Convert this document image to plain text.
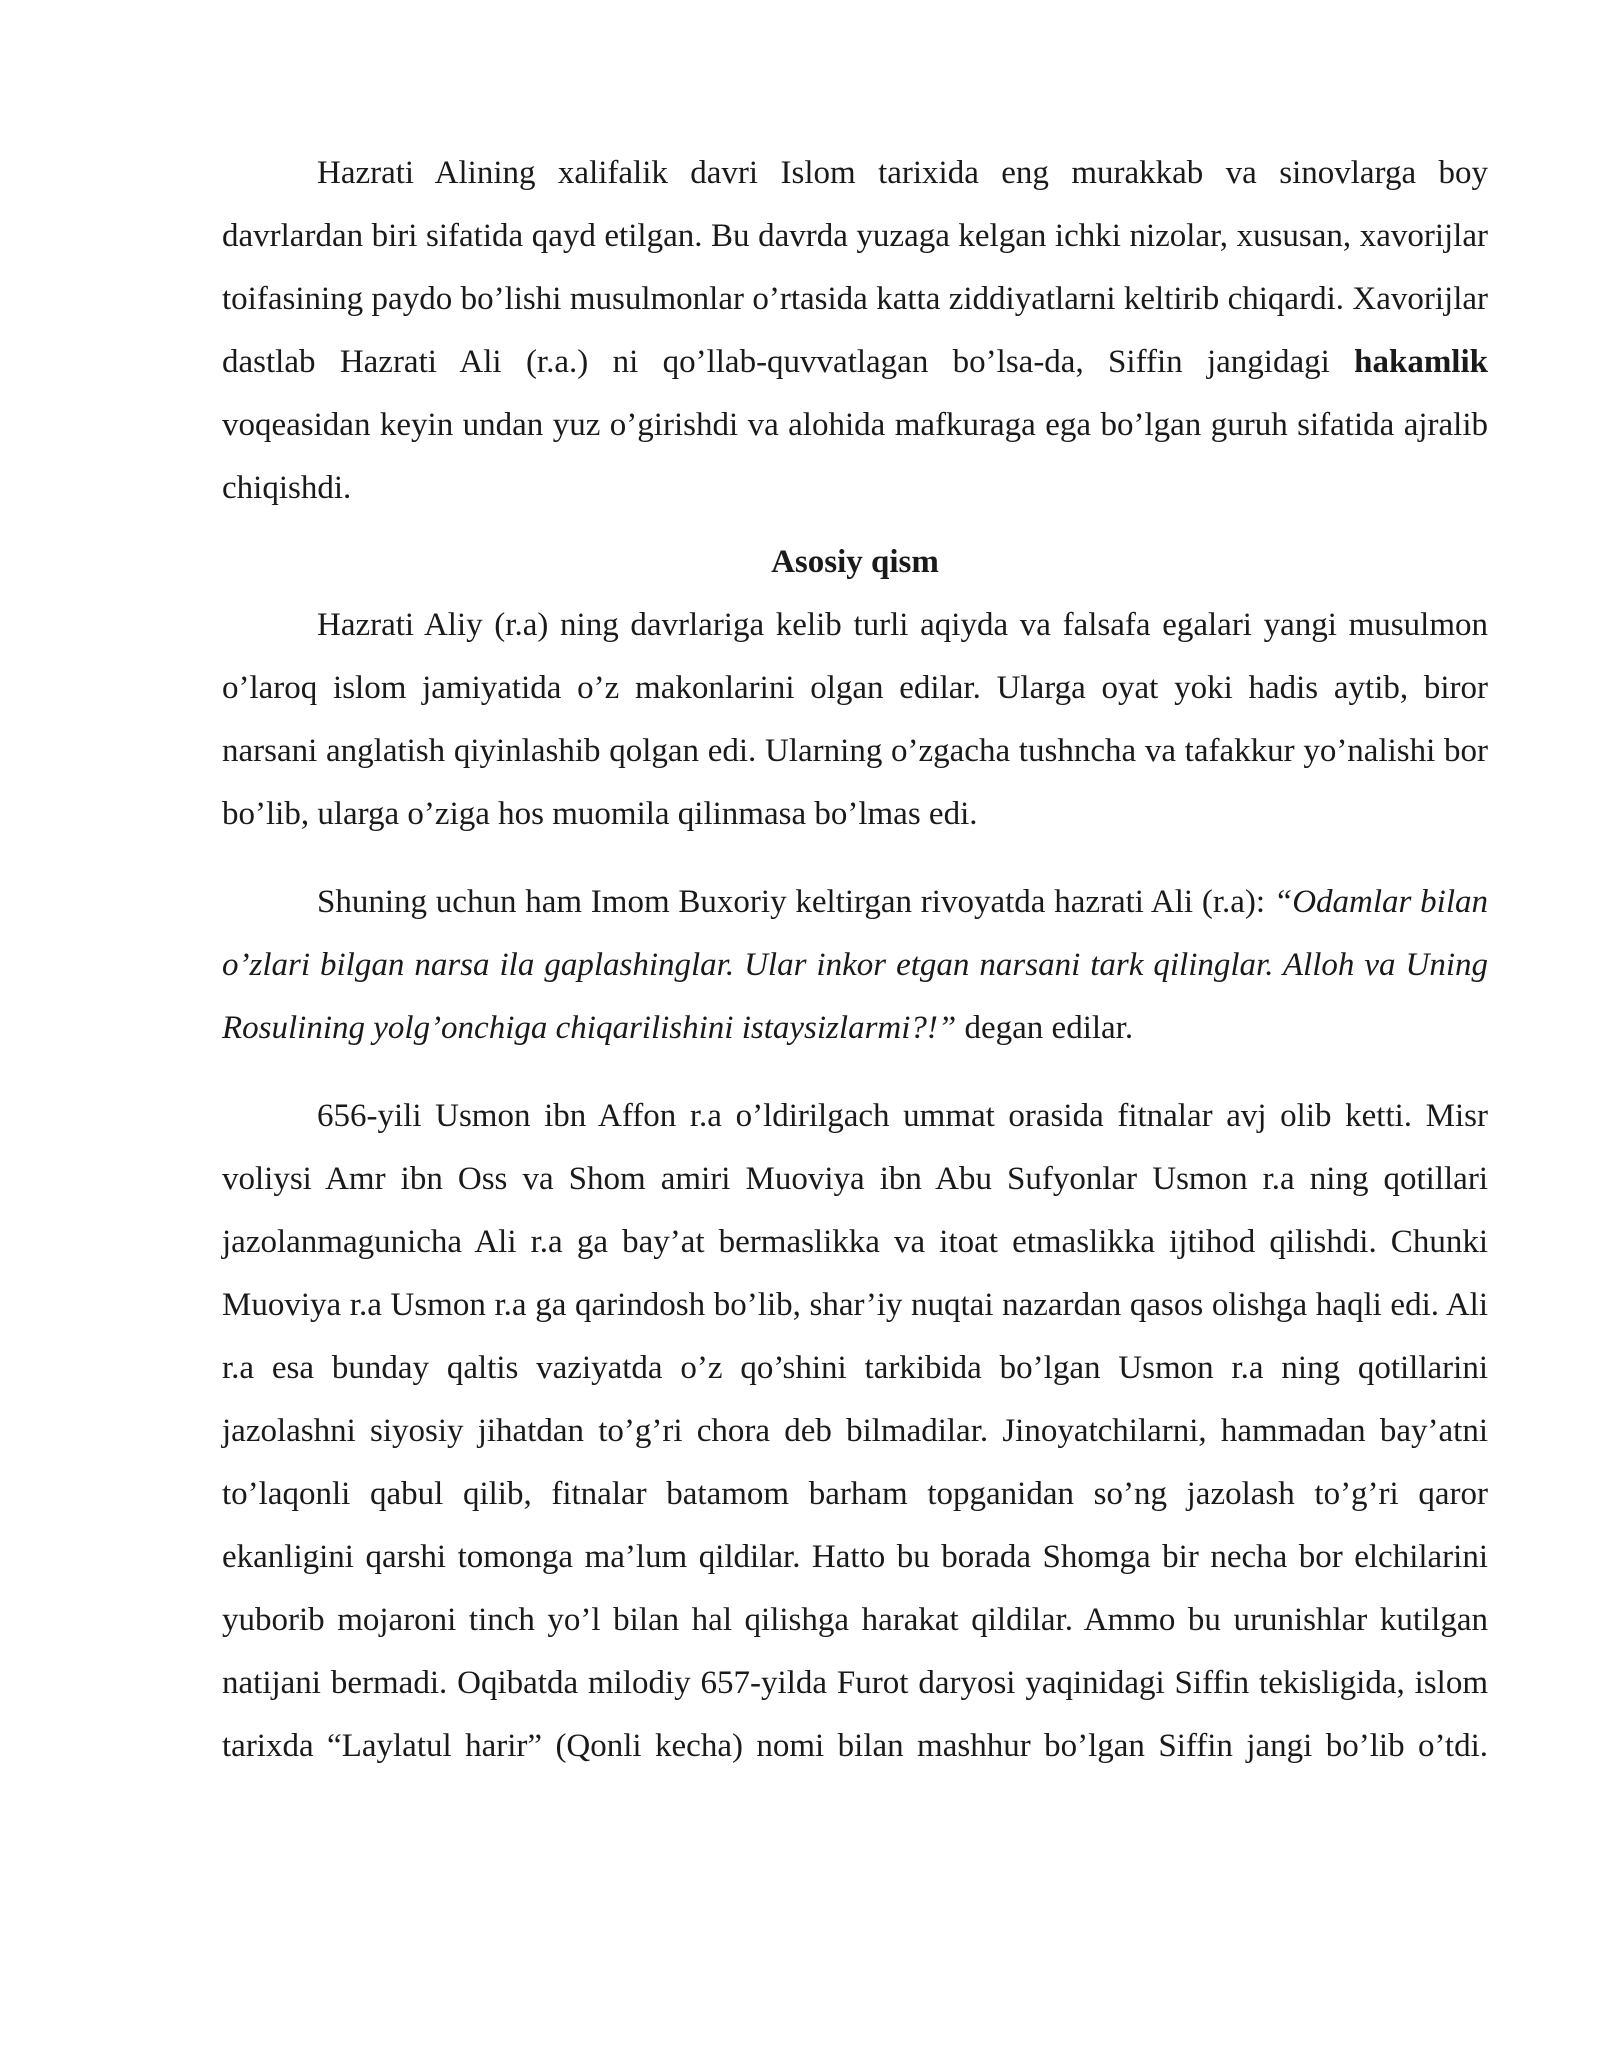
Hazrati Alining xalifalik davri Islom tarixida eng murakkab va sinovlarga boy davrlardan biri sifatida qayd etilgan. Bu davrda yuzaga kelgan ichki nizolar, xususan, xavorijlar toifasining paydo bo’lishi musulmonlar o’rtasida katta ziddiyatlarni keltirib chiqardi. Xavorijlar dastlab Hazrati Ali (r.a.) ni qo’llab-quvvatlagan bo’lsa-da, Siffin jangidagi hakamlik voqeasidan keyin undan yuz o’girishdi va alohida mafkuraga ega bo’lgan guruh sifatida ajralib chiqishdi.

Asosiy qism

Hazrati Aliy (r.a) ning davrlariga kelib turli aqiyda va falsafa egalari yangi musulmon o’laroq islom jamiyatida o’z makonlarini olgan edilar. Ularga oyat yoki hadis aytib, biror narsani anglatish qiyinlashib qolgan edi. Ularning o’zgacha tushncha va tafakkur yo’nalishi bor bo’lib, ularga o’ziga hos muomila qilinmasa bo’lmas edi.

Shuning uchun ham Imom Buxoriy keltirgan rivoyatda hazrati Ali (r.a): “Odamlar bilan o’zlari bilgan narsa ila gaplashinglar. Ular inkor etgan narsani tark qilinglar. Alloh va Uning Rosulining yolg’onchiga chiqarilishini istaysizlarmi?!” degan edilar.

656-yili Usmon ibn Affon r.a o’ldirilgach ummat orasida fitnalar avj olib ketti. Misr voliysi Amr ibn Oss va Shom amiri Muoviya ibn Abu Sufyonlar Usmon r.a ning qotillari jazolanmagunicha Ali r.a ga bay’at bermaslikka va itoat etmaslikka ijtihod qilishdi. Chunki Muoviya r.a Usmon r.a ga qarindosh bo’lib, shar’iy nuqtai nazardan qasos olishga haqli edi. Ali r.a esa bunday qaltis vaziyatda o’z qo’shini tarkibida bo’lgan Usmon r.a ning qotillarini jazolashni siyosiy jihatdan to’g’ri chora deb bilmadilar. Jinoyatchilarni, hammadan bay’atni to’laqonli qabul qilib, fitnalar batamom barham topganidan so’ng jazolash to’g’ri qaror ekanligini qarshi tomonga ma’lum qildilar. Hatto bu borada Shomga bir necha bor elchilarini yuborib mojaroni tinch yo’l bilan hal qilishga harakat qildilar. Ammo bu urunishlar kutilgan natijani bermadi. Oqibatda milodiy 657-yilda Furot daryosi yaqinidagi Siffin tekisligida, islom tarixda “Laylatul harir” (Qonli kecha) nomi bilan mashhur bo’lgan Siffin jangi bo’lib o’tdi.
